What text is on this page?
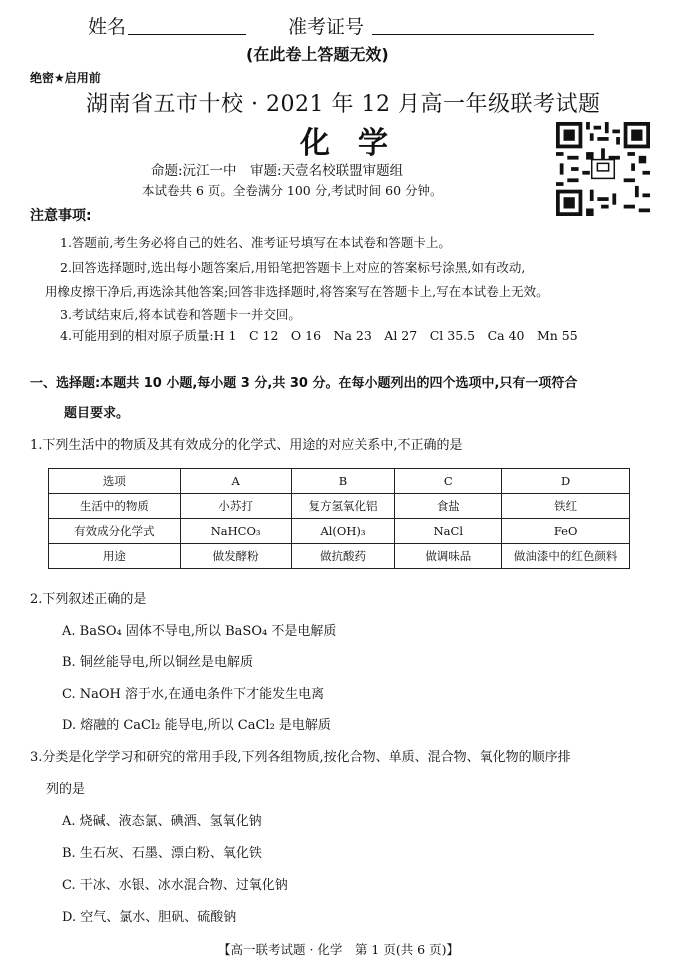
姓名	准考证号
(在此卷上答题无效)
绝密★启用前
湖南省五市十校 · 2021 年 12 月高一年级联考试题
化学
命题:沅江一中　审题:天壹名校联盟审题组
本试卷共 6 页。全卷满分 100 分,考试时间 60 分钟。
注意事项:
1.答题前,考生务必将自己的姓名、准考证号填写在本试卷和答题卡上。
2.回答选择题时,选出每小题答案后,用铅笔把答题卡上对应的答案标号涂黑,如有改动,
用橡皮擦干净后,再选涂其他答案;回答非选择题时,将答案写在答题卡上,写在本试卷上无效。
3.考试结束后,将本试卷和答题卡一并交回。
4.可能用到的相对原子质量:H 1　C 12　O 16　Na 23　Al 27　Cl 35.5　Ca 40　Mn 55
一、选择题:本题共 10 小题,每小题 3 分,共 30 分。在每小题列出的四个选项中,只有一项符合
题目要求。
1.下列生活中的物质及其有效成分的化学式、用途的对应关系中,不正确的是
选项	A	B	C	D
生活中的物质	小苏打	复方氢氧化铝	食盐	铁红
有效成分化学式	NaHCO₃	Al(OH)₃	NaCl	FeO
用途	做发酵粉	做抗酸药	做调味品	做油漆中的红色颜料
2.下列叙述正确的是
A. BaSO₄ 固体不导电,所以 BaSO₄ 不是电解质
B. 铜丝能导电,所以铜丝是电解质
C. NaOH 溶于水,在通电条件下才能发生电离
D. 熔融的 CaCl₂ 能导电,所以 CaCl₂ 是电解质
3.分类是化学学习和研究的常用手段,下列各组物质,按化合物、单质、混合物、氧化物的顺序排
列的是
A. 烧碱、液态氯、碘酒、氢氧化钠
B. 生石灰、石墨、漂白粉、氧化铁
C. 干冰、水银、冰水混合物、过氧化钠
D. 空气、氯水、胆矾、硫酸钠
【高一联考试题 · 化学　第 1 页(共 6 页)】
